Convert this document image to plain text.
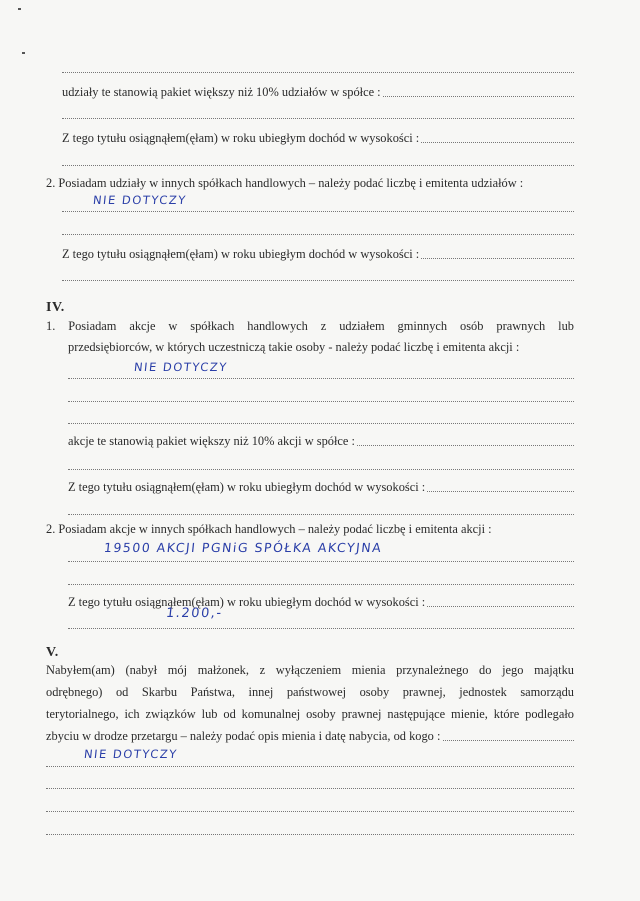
udziały te stanowią pakiet większy niż 10% udziałów w spółce :
Z tego tytułu osiągnąłem(ęłam) w roku ubiegłym dochód w wysokości :
2. Posiadam udziały w innych spółkach handlowych – należy podać liczbę i emitenta udziałów :
NIE DOTYCZY
Z tego tytułu osiągnąłem(ęłam) w roku ubiegłym dochód w wysokości :
IV.
1. Posiadam akcje w spółkach handlowych z udziałem gminnych osób prawnych lub
przedsiębiorców, w których uczestniczą takie osoby - należy podać liczbę i emitenta akcji :
NIE DOTYCZY
akcje te stanowią pakiet większy niż 10% akcji w spółce :
Z tego tytułu osiągnąłem(ęłam) w roku ubiegłym dochód w wysokości :
2. Posiadam akcje w innych spółkach handlowych – należy podać liczbę i emitenta akcji :
19500 AKCJI PGNiG SPÓŁKA AKCYJNA
Z tego tytułu osiągnąłem(ęłam) w roku ubiegłym dochód w wysokości :
1.200,-
V.
Nabyłem(am) (nabył mój małżonek, z wyłączeniem mienia przynależnego do jego majątku
odrębnego) od Skarbu Państwa, innej państwowej osoby prawnej, jednostek samorządu
terytorialnego, ich związków lub od komunalnej osoby prawnej następujące mienie, które podlegało
zbyciu w drodze przetargu – należy podać opis mienia i datę nabycia, od kogo :
NIE DOTYCZY
